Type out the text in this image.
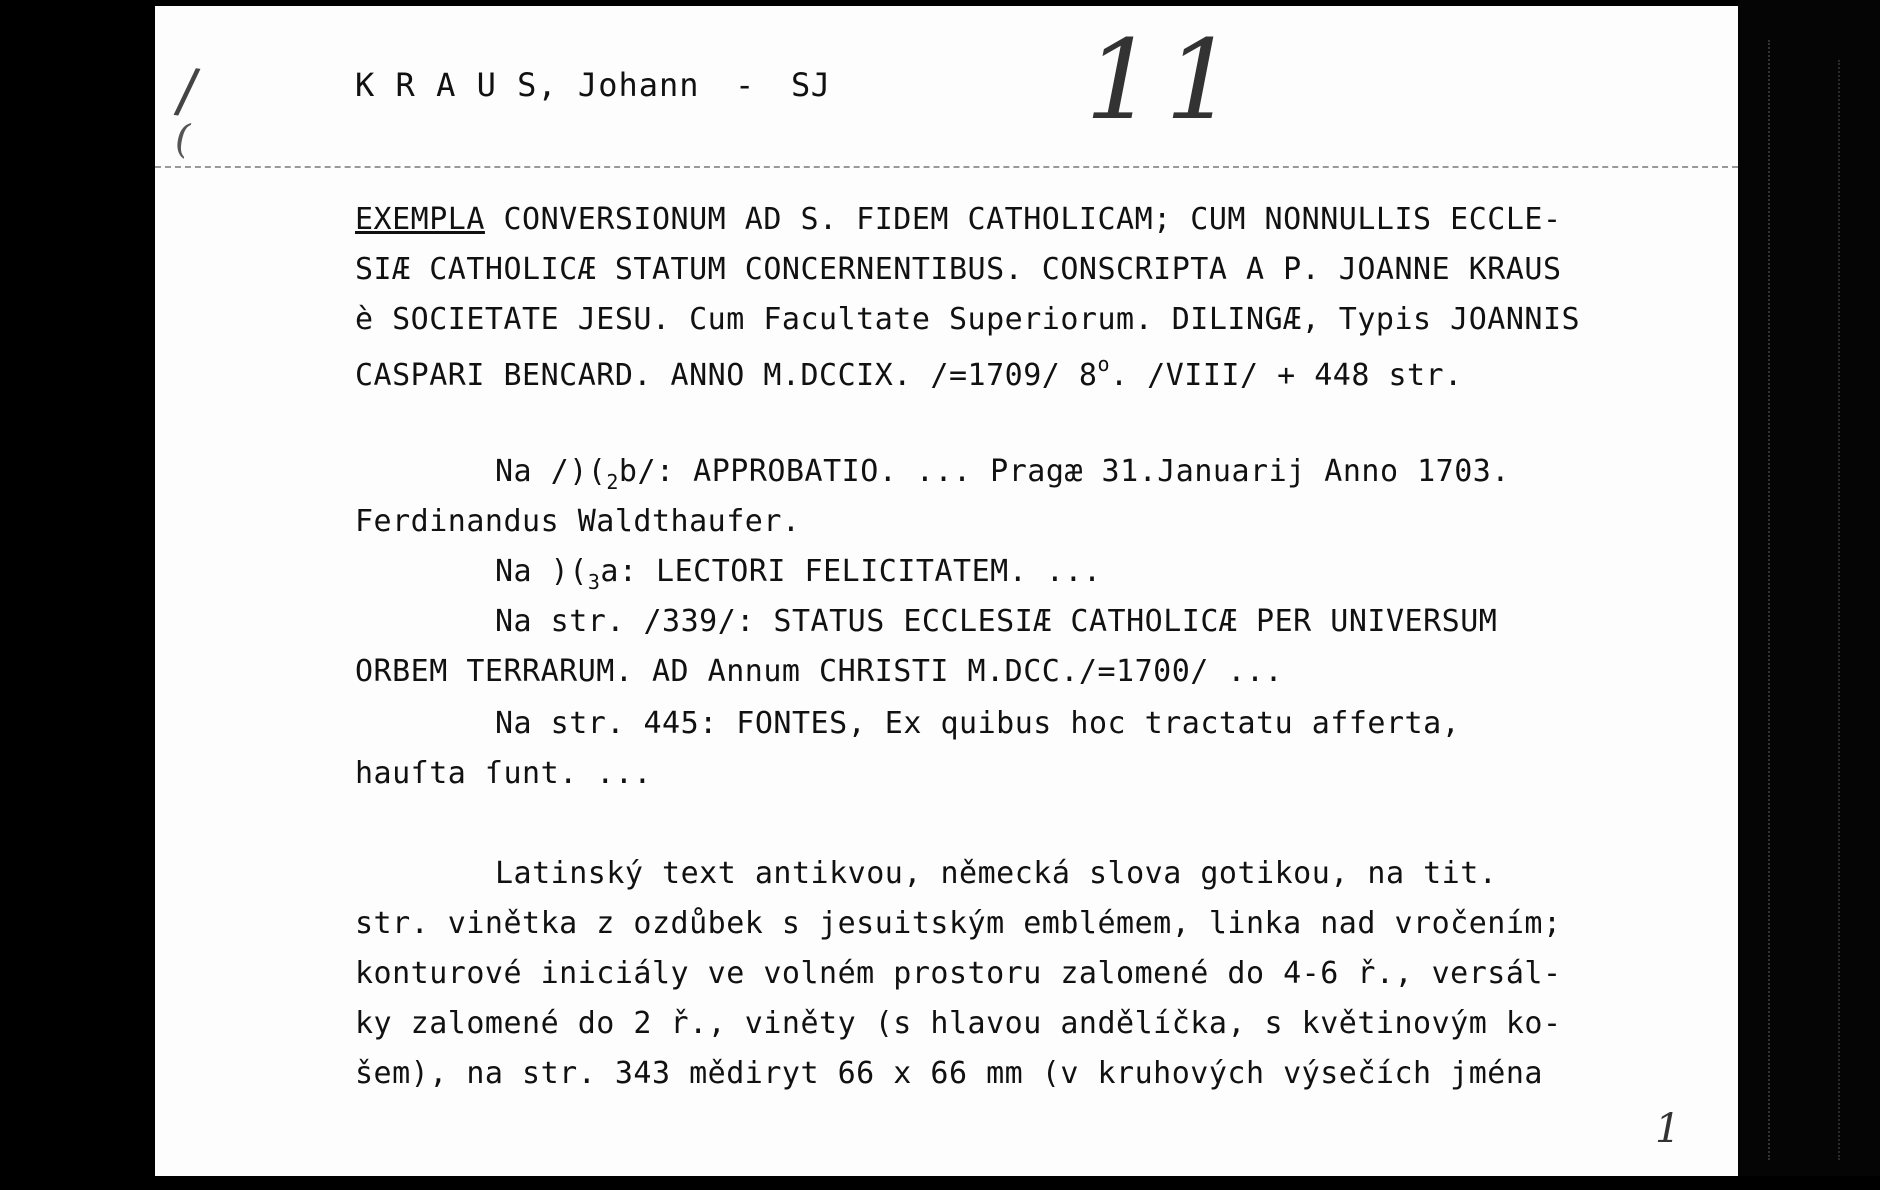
/
(
K R A U S, Johann - SJ 11
EXEMPLA CONVERSIONUM AD S. FIDEM CATHOLICAM; CUM NONNULLIS ECCLE-
SIÆ CATHOLICÆ STATUM CONCERNENTIBUS. CONSCRIPTA A P. JOANNE KRAUS
è SOCIETATE JESU. Cum Facultate Superiorum. DILINGÆ, Typis JOANNIS
CASPARI BENCARD. ANNO M.DCCIX. /=1709/ 8$^o$. /VIII/ + 448 str.
Na $/)(_2b/$: APPROBATIO. ... Pragæ 31.Januarij Anno 1703.
Ferdinandus Waldthaufer.
Na )($_3a$: LECTORI FELICITATEM. ...
Na str. /339/: STATUS ECCLESIÆ CATHOLICÆ PER UNIVERSUM
ORBEM TERRARUM. AD Annum CHRISTI M.DCC./=1700/ ...
Na str. 445: FONTES, Ex quibus hoc tractatu afferta,
hauſta ſunt. ...
Latinský text antikvou, německá slova gotikou, na tit.
str. vinětka z ozdůbek s jesuitským emblémem, linka nad vročením;
konturové iniciály ve volném prostoru zalomené do 4-6 ř., versál-
ky zalomené do 2 ř., viněty (s hlavou andělíčka, s květinovým ko-
šem), na str. 343 mědiryt 66 x 66 mm (v kruhových výsečích jména
1
